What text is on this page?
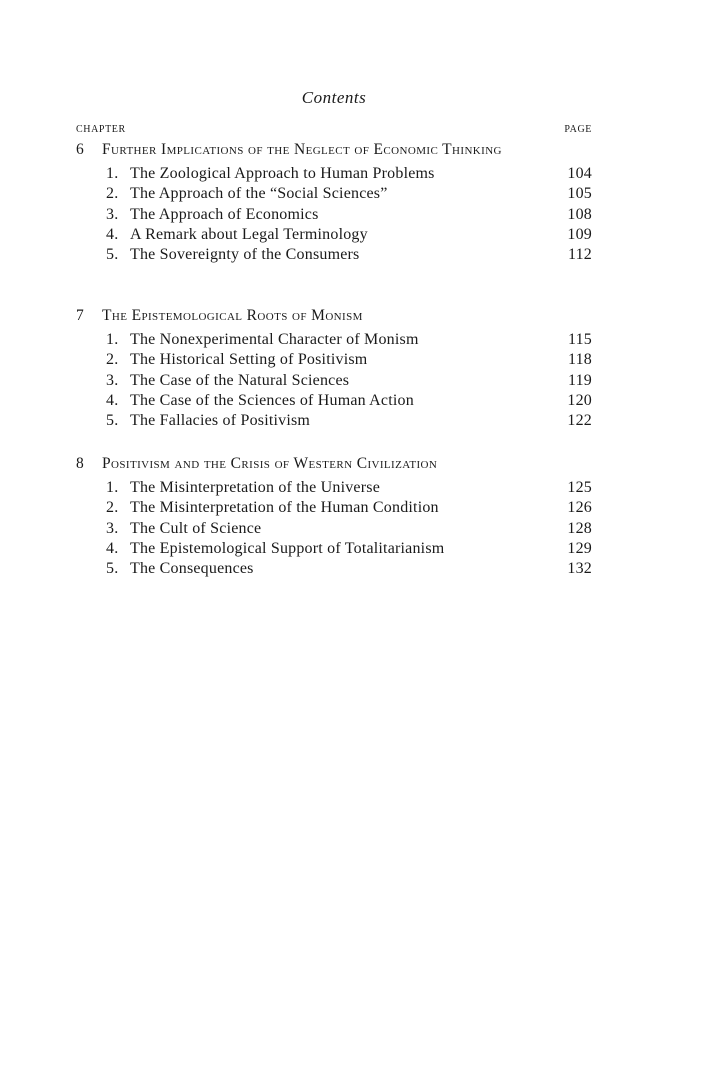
Contents
CHAPTER	PAGE
6	Further Implications of the Neglect of Economic Thinking
1. The Zoological Approach to Human Problems	104
2. The Approach of the “Social Sciences”	105
3. The Approach of Economics	108
4. A Remark about Legal Terminology	109
5. The Sovereignty of the Consumers	112
7	The Epistemological Roots of Monism
1. The Nonexperimental Character of Monism	115
2. The Historical Setting of Positivism	118
3. The Case of the Natural Sciences	119
4. The Case of the Sciences of Human Action	120
5. The Fallacies of Positivism	122
8	Positivism and the Crisis of Western Civilization
1. The Misinterpretation of the Universe	125
2. The Misinterpretation of the Human Condition	126
3. The Cult of Science	128
4. The Epistemological Support of Totalitarianism	129
5. The Consequences	132
